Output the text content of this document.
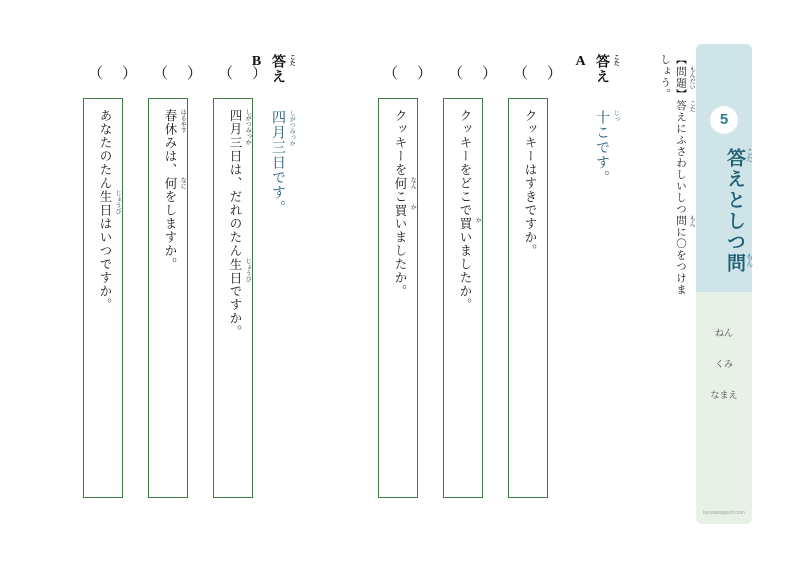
5
答 こた
えとしつ問 もん
ねん
くみ
なまえ
kyozaisupport.com
【問題 もんだい
】答 こた
えにふさわしいしつ問 もん
に〇をつけましょう。
答 こた
え A
十 じっ
こです。
（　）
クッキーはすきですか。
（　）
クッキーをどこで買 か
いましたか。
（　）
クッキーを何 なん
こ買 か
いましたか。
答 こた
え B
四月三日 しがつみっか
です。
（　）
四月三日 しがつみっか
は、だれのたん生日 じょうび
ですか。
（　）
春休 はるやす
みは、何 なに
をしますか。
（　）
あなたのたん生日 じょうび
はいつですか。
